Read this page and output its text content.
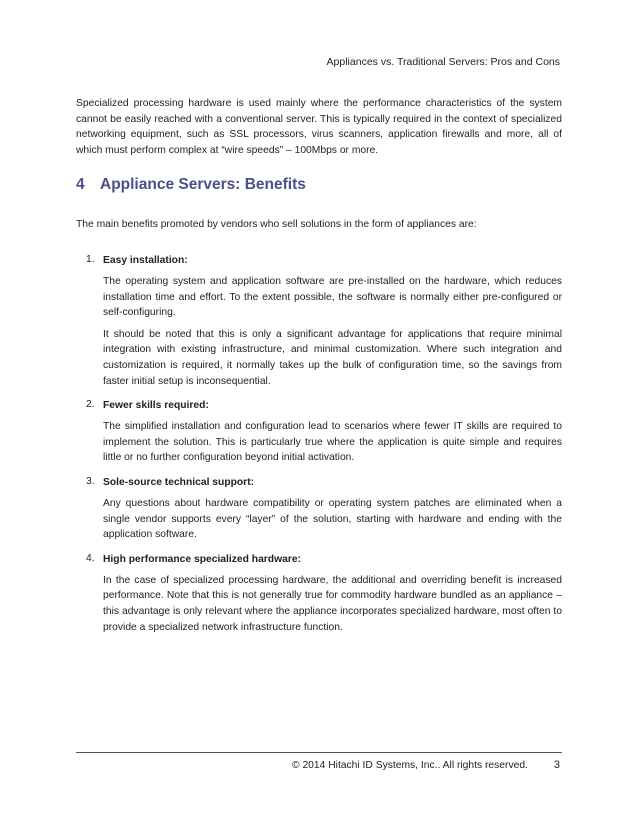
Appliances vs. Traditional Servers: Pros and Cons
Specialized processing hardware is used mainly where the performance characteristics of the system cannot be easily reached with a conventional server. This is typically required in the context of specialized networking equipment, such as SSL processors, virus scanners, application firewalls and more, all of which must perform complex at “wire speeds” – 100Mbps or more.
4 Appliance Servers: Benefits
The main benefits promoted by vendors who sell solutions in the form of appliances are:
1. Easy installation:

The operating system and application software are pre-installed on the hardware, which reduces installation time and effort. To the extent possible, the software is normally either pre-configured or self-configuring.

It should be noted that this is only a significant advantage for applications that require minimal integration with existing infrastructure, and minimal customization. Where such integration and customization is required, it normally takes up the bulk of configuration time, so the savings from faster initial setup is inconsequential.

2. Fewer skills required:

The simplified installation and configuration lead to scenarios where fewer IT skills are required to implement the solution. This is particularly true where the application is quite simple and requires little or no further configuration beyond initial activation.

3. Sole-source technical support:

Any questions about hardware compatibility or operating system patches are eliminated when a single vendor supports every “layer” of the solution, starting with hardware and ending with the application software.

4. High performance specialized hardware:

In the case of specialized processing hardware, the additional and overriding benefit is increased performance. Note that this is not generally true for commodity hardware bundled as an appliance – this advantage is only relevant where the appliance incorporates specialized hardware, most often to provide a specialized network infrastructure function.

© 2014 Hitachi ID Systems, Inc.. All rights reserved. 3
